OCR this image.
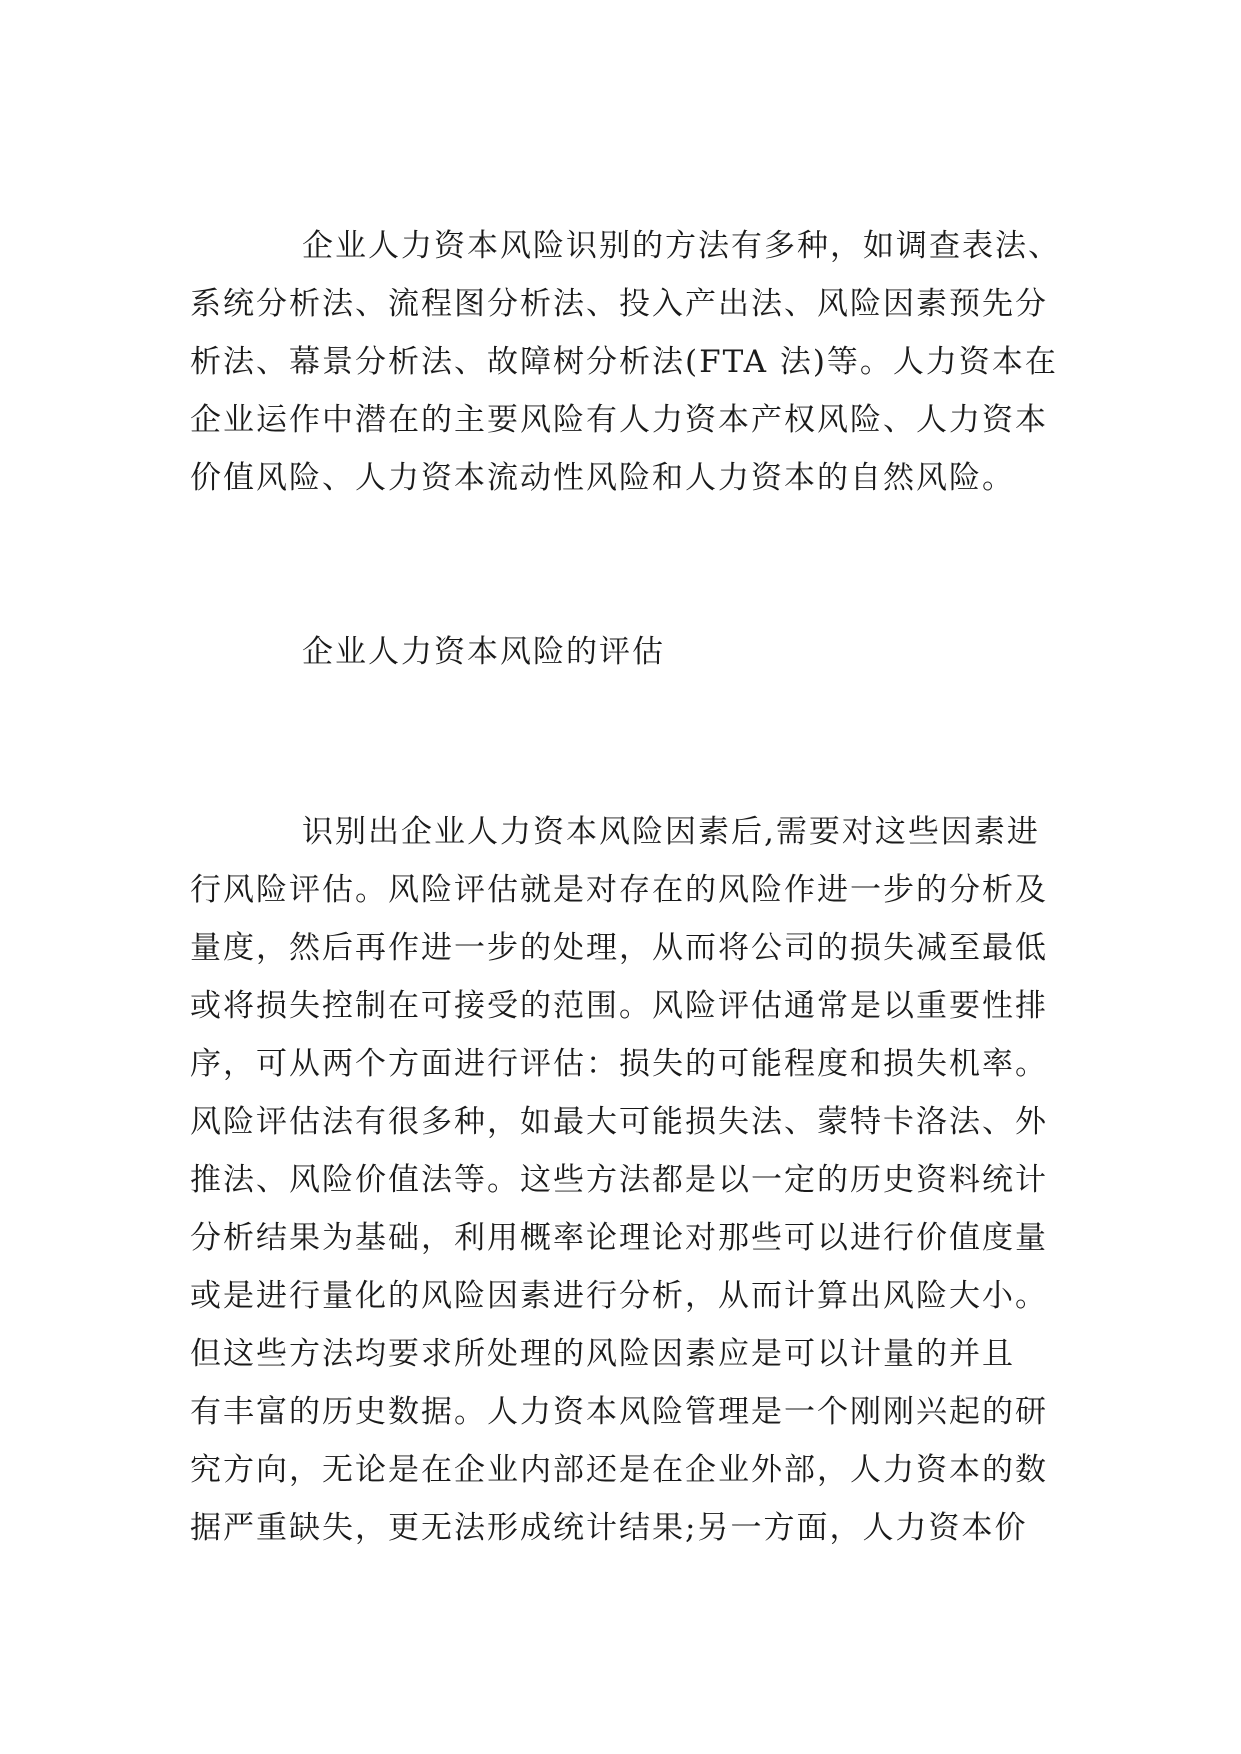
企业人力资本风险识别的方法有多种，如调查表法、
系统分析法、流程图分析法、投入产出法、风险因素预先分
析法、幕景分析法、故障树分析法(FTA 法)等。人力资本在
企业运作中潜在的主要风险有人力资本产权风险、人力资本
价值风险、人力资本流动性风险和人力资本的自然风险。
企业人力资本风险的评估
识别出企业人力资本风险因素后,需要对这些因素进
行风险评估。风险评估就是对存在的风险作进一步的分析及
量度，然后再作进一步的处理，从而将公司的损失减至最低
或将损失控制在可接受的范围。风险评估通常是以重要性排
序，可从两个方面进行评估：损失的可能程度和损失机率。
风险评估法有很多种，如最大可能损失法、蒙特卡洛法、外
推法、风险价值法等。这些方法都是以一定的历史资料统计
分析结果为基础，利用概率论理论对那些可以进行价值度量
或是进行量化的风险因素进行分析，从而计算出风险大小。
但这些方法均要求所处理的风险因素应是可以计量的并且
有丰富的历史数据。人力资本风险管理是一个刚刚兴起的研
究方向，无论是在企业内部还是在企业外部，人力资本的数
据严重缺失，更无法形成统计结果;另一方面，人力资本价
